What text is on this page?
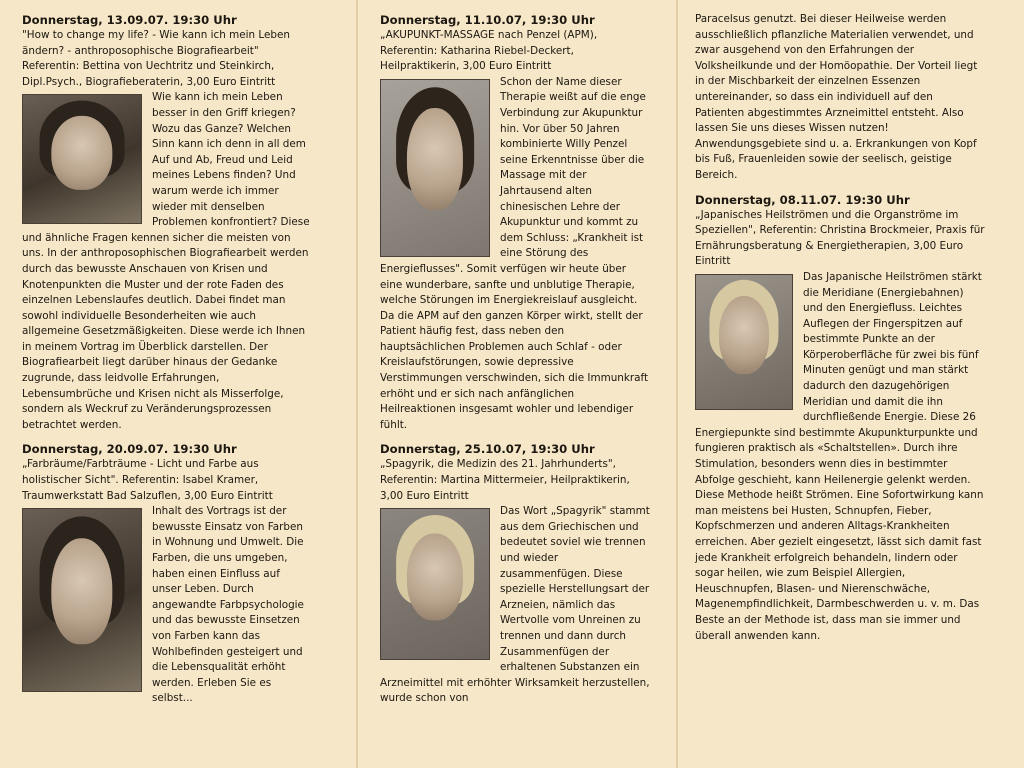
Donnerstag, 13.09.07. 19:30 Uhr

"How to change my life? - Wie kann ich mein Leben ändern? - anthroposophische Biografiearbeit" Referentin: Bettina von Uechtritz und Steinkirch, Dipl.Psych., Biografieberaterin, 3,00 Euro Eintritt

Wie kann ich mein Leben besser in den Griff kriegen? Wozu das Ganze? Welchen Sinn kann ich denn in all dem Auf und Ab, Freud und Leid meines Lebens finden? Und warum werde ich immer wieder mit denselben Problemen konfrontiert? Diese und ähnliche Fragen kennen sicher die meisten von uns. In der anthroposophischen Biografiearbeit werden durch das bewusste Anschauen von Krisen und Knotenpunkten die Muster und der rote Faden des einzelnen Lebenslaufes deutlich. Dabei findet man sowohl individuelle Besonderheiten wie auch allgemeine Gesetzmäßigkeiten. Diese werde ich Ihnen in meinem Vortrag im Überblick darstellen. Der Biografiearbeit liegt darüber hinaus der Gedanke zugrunde, dass leidvolle Erfahrungen, Lebensumbrüche und Krisen nicht als Misserfolge, sondern als Weckruf zu Veränderungsprozessen betrachtet werden.

Donnerstag, 20.09.07. 19:30 Uhr

„Farbräume/Farbträume - Licht und Farbe aus holistischer Sicht". Referentin: Isabel Kramer, Traumwerkstatt Bad Salzuflen, 3,00 Euro Eintritt

Inhalt des Vortrags ist der bewusste Einsatz von Farben in Wohnung und Umwelt. Die Farben, die uns umgeben, haben einen Einfluss auf unser Leben. Durch angewandte Farbpsychologie und das bewusste Einsetzen von Farben kann das Wohlbefinden gesteigert und die Lebensqualität erhöht werden. Erleben Sie es selbst...

Donnerstag, 11.10.07, 19:30 Uhr

„AKUPUNKT-MASSAGE nach Penzel (APM), Referentin: Katharina Riebel-Deckert, Heilpraktikerin, 3,00 Euro Eintritt

Schon der Name dieser Therapie weißt auf die enge Verbindung zur Akupunktur hin. Vor über 50 Jahren kombinierte Willy Penzel seine Erkenntnisse über die Massage mit der Jahrtausend alten chinesischen Lehre der Akupunktur und kommt zu dem Schluss: „Krankheit ist eine Störung des Energieflusses". Somit verfügen wir heute über eine wunderbare, sanfte und unblutige Therapie, welche Störungen im Energiekreislauf ausgleicht. Da die APM auf den ganzen Körper wirkt, stellt der Patient häufig fest, dass neben den hauptsächlichen Problemen auch Schlaf - oder Kreislaufstörungen, sowie depressive Verstimmungen verschwinden, sich die Immunkraft erhöht und er sich nach anfänglichen Heilreaktionen insgesamt wohler und lebendiger fühlt.

Donnerstag, 25.10.07, 19:30 Uhr

„Spagyrik, die Medizin des 21. Jahrhunderts", Referentin: Martina Mittermeier, Heilpraktikerin, 3,00 Euro Eintritt

Das Wort „Spagyrik" stammt aus dem Griechischen und bedeutet soviel wie trennen und wieder zusammenfügen. Diese spezielle Herstellungsart der Arzneien, nämlich das Wertvolle vom Unreinen zu trennen und dann durch Zusammenfügen der erhaltenen Substanzen ein Arzneimittel mit erhöhter Wirksamkeit herzustellen, wurde schon von

Paracelsus genutzt. Bei dieser Heilweise werden ausschließlich pflanzliche Materialien verwendet, und zwar ausgehend von den Erfahrungen der Volksheilkunde und der Homöopathie. Der Vorteil liegt in der Mischbarkeit der einzelnen Essenzen untereinander, so dass ein individuell auf den Patienten abgestimmtes Arzneimittel entsteht. Also lassen Sie uns dieses Wissen nutzen! Anwendungsgebiete sind u. a. Erkrankungen von Kopf bis Fuß, Frauenleiden sowie der seelisch, geistige Bereich.

Donnerstag, 08.11.07. 19:30 Uhr

„Japanisches Heilströmen und die Organströme im Speziellen", Referentin: Christina Brockmeier, Praxis für Ernährungsberatung & Energietherapien, 3,00 Euro Eintritt

Das Japanische Heilströmen stärkt die Meridiane (Energiebahnen) und den Energiefluss. Leichtes Auflegen der Fingerspitzen auf bestimmte Punkte an der Körperoberfläche für zwei bis fünf Minuten genügt und man stärkt dadurch den dazugehörigen Meridian und damit die ihn durchfließende Energie. Diese 26 Energiepunkte sind bestimmte Akupunkturpunkte und fungieren praktisch als «Schaltstellen». Durch ihre Stimulation, besonders wenn dies in bestimmter Abfolge geschieht, kann Heilenergie gelenkt werden. Diese Methode heißt Strömen. Eine Sofortwirkung kann man meistens bei Husten, Schnupfen, Fieber, Kopfschmerzen und anderen Alltags-Krankheiten erreichen. Aber gezielt eingesetzt, lässt sich damit fast jede Krankheit erfolgreich behandeln, lindern oder sogar heilen, wie zum Beispiel Allergien, Heuschnupfen, Blasen- und Nierenschwäche, Magenempfindlichkeit, Darmbeschwerden u. v. m. Das Beste an der Methode ist, dass man sie immer und überall anwenden kann.
